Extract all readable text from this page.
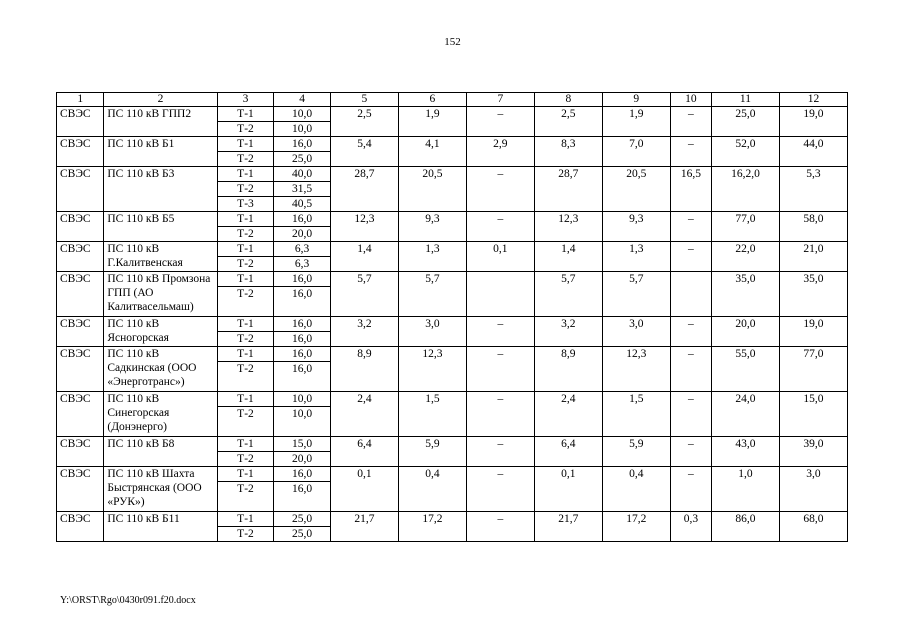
152
1	2	3	4	5	6	7	8	9	10	11	12
СВЭС	ПС 110 кВ ГПП2	Т-1	10,0	2,5	1,9	–	2,5	1,9	–	25,0	19,0
		Т-2	10,0								
СВЭС	ПС 110 кВ Б1	Т-1	16,0	5,4	4,1	2,9	8,3	7,0	–	52,0	44,0
		Т-2	25,0								
СВЭС	ПС 110 кВ Б3	Т-1	40,0	28,7	20,5	–	28,7	20,5	16,5	16,2,0	5,3
		Т-2	31,5								
		Т-3	40,5								
СВЭС	ПС 110 кВ Б5	Т-1	16,0	12,3	9,3	–	12,3	9,3	–	77,0	58,0
		Т-2	20,0								
СВЭС	ПС 110 кВ Г.Калитвенская	Т-1	6,3	1,4	1,3	0,1	1,4	1,3	–	22,0	21,0
		Т-2	6,3								
СВЭС	ПС 110 кВ Промзона ГПП (АО Калитвасельмаш)	Т-1	16,0	5,7	5,7		5,7	5,7		35,0	35,0
		Т-2	16,0								

СВЭС	ПС 110 кВ Ясногорская	Т-1	16,0	3,2	3,0	–	3,2	3,0	–	20,0	19,0
		Т-2	16,0								
СВЭС	ПС 110 кВ Садкинская (ООО «Энерготранс»)	Т-1	16,0	8,9	12,3	–	8,9	12,3	–	55,0	77,0
		Т-2	16,0								

СВЭС	ПС 110 кВ Синегорская (Донэнерго)	Т-1	10,0	2,4	1,5	–	2,4	1,5	–	24,0	15,0
		Т-2	10,0								

СВЭС	ПС 110 кВ Б8	Т-1	15,0	6,4	5,9	–	6,4	5,9	–	43,0	39,0
		Т-2	20,0								
СВЭС	ПС 110 кВ Шахта Быстрянская (ООО «РУК»)	Т-1	16,0	0,1	0,4	–	0,1	0,4	–	1,0	3,0
		Т-2	16,0								

СВЭС	ПС 110 кВ Б11	Т-1	25,0	21,7	17,2	–	21,7	17,2	0,3	86,0	68,0
		Т-2	25,0								
Y:\ORST\Rgo\0430r091.f20.docx
